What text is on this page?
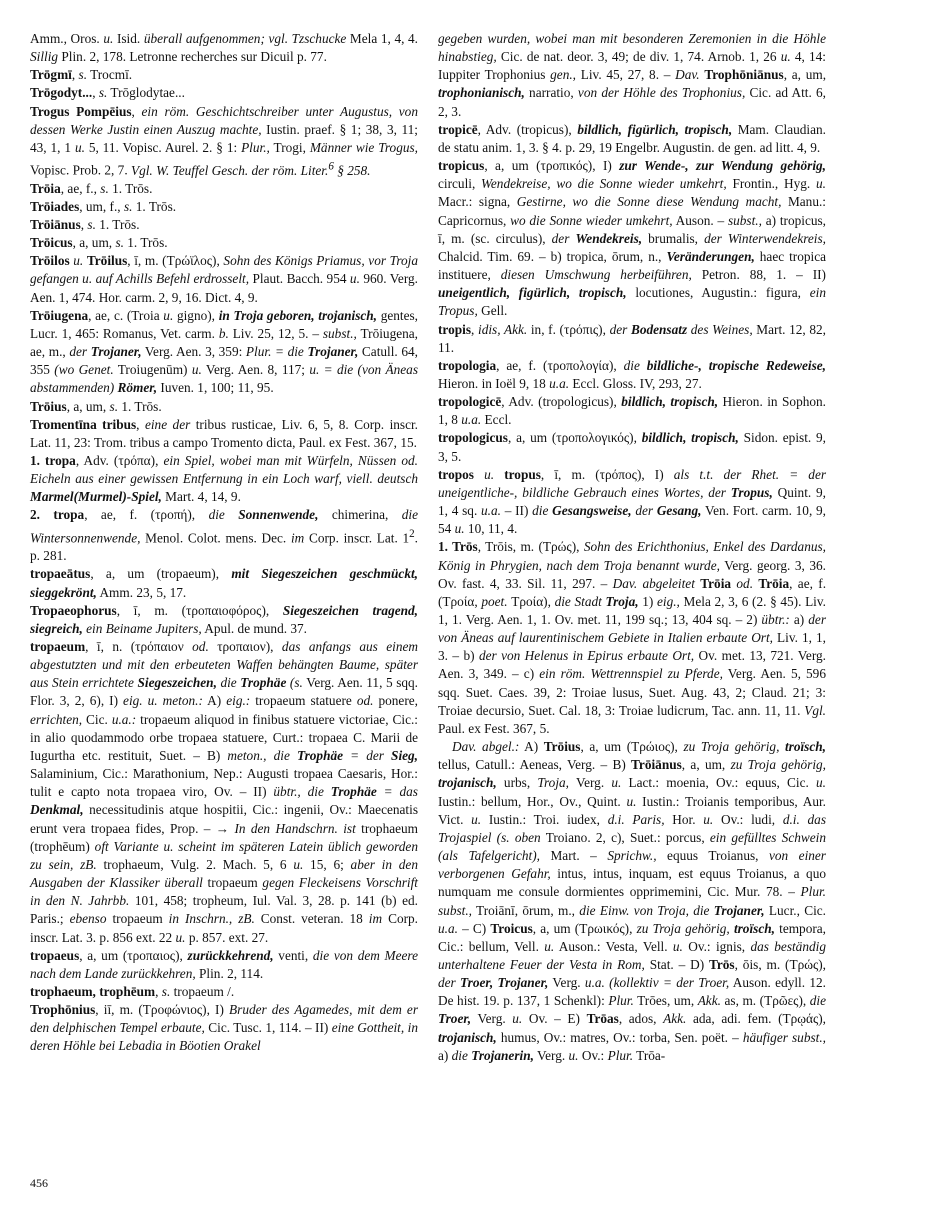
Amm., Oros. u. Isid. überall aufgenommen; vgl. Tzschucke Mela 1, 4, 4. Sillig Plin. 2, 178. Letronne recherches sur Dicuil p. 77.

Trōgmī, s. Trocmī.

Trōgodyt..., s. Trōglodytae...

Trogus Pompēius, ein röm. Geschichtschreiber unter Augustus, von dessen Werke Justin einen Auszug machte, Iustin. praef. § 1; 38, 3, 11; 43, 1, 1 u. 5, 11. Vopisc. Aurel. 2. § 1: Plur., Trogi, Männer wie Trogus, Vopisc. Prob. 2, 7. Vgl. W. Teuffel Gesch. der röm. Liter.$^6$ § 258.

Trōia, ae, f., s. 1. Trōs.

Trōiades, um, f., s. 1. Trōs.

Trōiānus, s. 1. Trōs.

Trōicus, a, um, s. 1. Trōs.

Trōilos u. Trōilus, ī, m. (Τρώϊλος), Sohn des Königs Priamus, vor Troja gefangen u. auf Achills Befehl erdrosselt, Plaut. Bacch. 954 u. 960. Verg. Aen. 1, 474. Hor. carm. 2, 9, 16. Dict. 4, 9.

Trōiugena, ae, c. (Troia u. gigno), in Troja geboren, trojanisch, gentes, Lucr. 1, 465: Romanus, Vet. carm. b. Liv. 25, 12, 5. – subst., Trōiugena, ae, m., der Trojaner, Verg. Aen. 3, 359: Plur. = die Trojaner, Catull. 64, 355 (wo Genet. Troiugenūm) u. Verg. Aen. 8, 117; u. = die (von Äneas abstammenden) Römer, Iuven. 1, 100; 11, 95.

Trōius, a, um, s. 1. Trōs.

Tromentīna tribus, eine der tribus rusticae, Liv. 6, 5, 8. Corp. inscr. Lat. 11, 23: Trom. tribus a campo Tromento dicta, Paul. ex Fest. 367, 15.

1. tropa, Adv. (τρόπα), ein Spiel, wobei man mit Würfeln, Nüssen od. Eicheln aus einer gewissen Entfernung in ein Loch warf, viell. deutsch Marmel(Murmel)-Spiel, Mart. 4, 14, 9.

2. tropa, ae, f. (τροπή), die Sonnenwende, chimerina, die Wintersonnenwende, Menol. Colot. mens. Dec. im Corp. inscr. Lat. $1^2$. p. 281.

tropaeātus, a, um (tropaeum), mit Siegeszeichen geschmückt, sieggekrönt, Amm. 23, 5, 17.

Tropaeophorus, ī, m. (τροπαιοφόρος), Siegeszeichen tragend, siegreich, ein Beiname Jupiters, Apul. de mund. 37.

tropaeum, ī, n. (τρόπαιον od. τροπαιον), das anfangs aus einem abgestutzten und mit den erbeuteten Waffen behängten Baume, später aus Stein errichtete Siegeszeichen, die Trophäe (s. Verg. Aen. 11, 5 sqq. Flor. 3, 2, 6), I) eig. u. meton.: A) eig.: tropaeum statuere od. ponere, errichten, Cic. u.a.: tropaeum aliquod in finibus statuere victoriae, Cic.: in alio quodammodo orbe tropaea statuere, Curt.: tropaea C. Marii de Iugurtha etc. restituit, Suet. – B) meton., die Trophäe = der Sieg, Salaminium, Cic.: Marathonium, Nep.: Augusti tropaea Caesaris, Hor.: tulit e capto nota tropaea viro, Ov. – II) übtr., die Trophäe = das Denkmal, necessitudinis atque hospitii, Cic.: ingenii, Ov.: Maecenatis erunt vera tropaea fides, Prop. – → In den Handschrn. ist trophaeum (trophēum) oft Variante u. scheint im späteren Latein üblich geworden zu sein, zB. trophaeum, Vulg. 2. Mach. 5, 6 u. 15, 6; aber in den Ausgaben der Klassiker überall tropaeum gegen Fleckeisens Vorschrift in den N. Jahrbb. 101, 458; tropheum, Iul. Val. 3, 28. p. 141 (b) ed. Paris.; ebenso tropaeum in Inschrn., zB. Const. veteran. 18 im Corp. inscr. Lat. 3. p. 856 ext. 22 u. p. 857. ext. 27.

tropaeus, a, um (τροπαιος), zurückkehrend, venti, die von dem Meere nach dem Lande zurückkehren, Plin. 2, 114.

trophaeum, trophēum, s. tropaeum /.

Trophōnius, iī, m. (Τροφώνιος), I) Bruder des Agamedes, mit dem er den delphischen Tempel erbaute, Cic. Tusc. 1, 114. – II) eine Gottheit, in deren Höhle bei Lebadia in Böotien Orakel

gegeben wurden, wobei man mit besonderen Zeremonien in die Höhle hinabstieg, Cic. de nat. deor. 3, 49; de div. 1, 74. Arnob. 1, 26 u. 4, 14: Iuppiter Trophonius gen., Liv. 45, 27, 8. – Dav. Trophōniānus, a, um, trophonianisch, narratio, von der Höhle des Trophonius, Cic. ad Att. 6, 2, 3.

tropicē, Adv. (tropicus), bildlich, figürlich, tropisch, Mam. Claudian. de statu anim. 1, 3. § 4. p. 29, 19 Engelbr. Augustin. de gen. ad litt. 4, 9.

tropicus, a, um (τροπικός), I) zur Wende-, zur Wendung gehörig, circuli, Wendekreise, wo die Sonne wieder umkehrt, Frontin., Hyg. u. Macr.: signa, Gestirne, wo die Sonne diese Wendung macht, Manu.: Capricornus, wo die Sonne wieder umkehrt, Auson. – subst., a) tropicus, ī, m. (sc. circulus), der Wendekreis, brumalis, der Winterwendekreis, Chalcid. Tim. 69. – b) tropica, ōrum, n., Veränderungen, haec tropica instituere, diesen Umschwung herbeiführen, Petron. 88, 1. – II) uneigentlich, figürlich, tropisch, locutiones, Augustin.: figura, ein Tropus, Gell.

tropis, idis, Akk. in, f. (τρόπις), der Bodensatz des Weines, Mart. 12, 82, 11.

tropologia, ae, f. (τροπολογία), die bildliche-, tropische Redeweise, Hieron. in Ioël 9, 18 u.a. Eccl. Gloss. IV, 293, 27.

tropologicē, Adv. (tropologicus), bildlich, tropisch, Hieron. in Sophon. 1, 8 u.a. Eccl.

tropologicus, a, um (τροπολογικός), bildlich, tropisch, Sidon. epist. 9, 3, 5.

tropos u. tropus, ī, m. (τρόπος), I) als t.t. der Rhet. = der uneigentliche-, bildliche Gebrauch eines Wortes, der Tropus, Quint. 9, 1, 4 sq. u.a. – II) die Gesangsweise, der Gesang, Ven. Fort. carm. 10, 9, 54 u. 10, 11, 4.

1. Trōs, Trōis, m. (Τρώς), Sohn des Erichthonius, Enkel des Dardanus, König in Phrygien, nach dem Troja benannt wurde, Verg. georg. 3, 36. Ov. fast. 4, 33. Sil. 11, 297. – Dav. abgeleitet Trōia od. Trōia, ae, f. (Τροία, poet. Τροία), die Stadt Troja, 1) eig., Mela 2, 3, 6 (2. § 45). Liv. 1, 1. Verg. Aen. 1, 1. Ov. met. 11, 199 sq.; 13, 404 sq. – 2) übtr.: a) der von Äneas auf laurentinischem Gebiete in Italien erbaute Ort, Liv. 1, 1, 3. – b) der von Helenus in Epirus erbaute Ort, Ov. met. 13, 721. Verg. Aen. 3, 349. – c) ein röm. Wettrennspiel zu Pferde, Verg. Aen. 5, 596 sqq. Suet. Caes. 39, 2: Troiae lusus, Suet. Aug. 43, 2; Claud. 21; 3: Troiae decursio, Suet. Cal. 18, 3: Troiae ludicrum, Tac. ann. 11, 11. Vgl. Paul. ex Fest. 367, 5.

Dav. abgel.: A) Trōius, a, um (Τρώιος), zu Troja gehörig, troïsch, tellus, Catull.: Aeneas, Verg. – B) Trōiānus, a, um, zu Troja gehörig, trojanisch, urbs, Troja, Verg. u. Lact.: moenia, Ov.: equus, Cic. u. Iustin.: bellum, Hor., Ov., Quint. u. Iustin.: Troianis temporibus, Aur. Vict. u. Iustin.: Troi. iudex, d.i. Paris, Hor. u. Ov.: ludi, d.i. das Trojaspiel (s. oben Troiano. 2, c), Suet.: porcus, ein gefülltes Schwein (als Tafelgericht), Mart. – Sprichw., equus Troianus, von einer verborgenen Gefahr, intus, intus, inquam, est equus Troianus, a quo numquam me consule dormientes opprimemini, Cic. Mur. 78. – Plur. subst., Troiānī, ōrum, m., die Einw. von Troja, die Trojaner, Lucr., Cic. u.a. – C) Troicus, a, um (Τρωικός), zu Troja gehörig, troïsch, tempora, Cic.: bellum, Vell. u. Auson.: Vesta, Vell. u. Ov.: ignis, das beständig unterhaltene Feuer der Vesta in Rom, Stat. – D) Trōs, ōis, m. (Τρώς), der Troer, Trojaner, Verg. u.a. (kollektiv = der Troer, Auson. edyll. 12. De hist. 19. p. 137, 1 Schenkl): Plur. Trōes, um, Akk. as, m. (Τρῶες), die Troer, Verg. u. Ov. – E) Trōas, ados, Akk. ada, adi. fem. (Τρῳάς), trojanisch, humus, Ov.: matres, Ov.: torba, Sen. poët. – häufiger subst., a) die Trojanerin, Verg. u. Ov.: Plur. Trōa-

456
